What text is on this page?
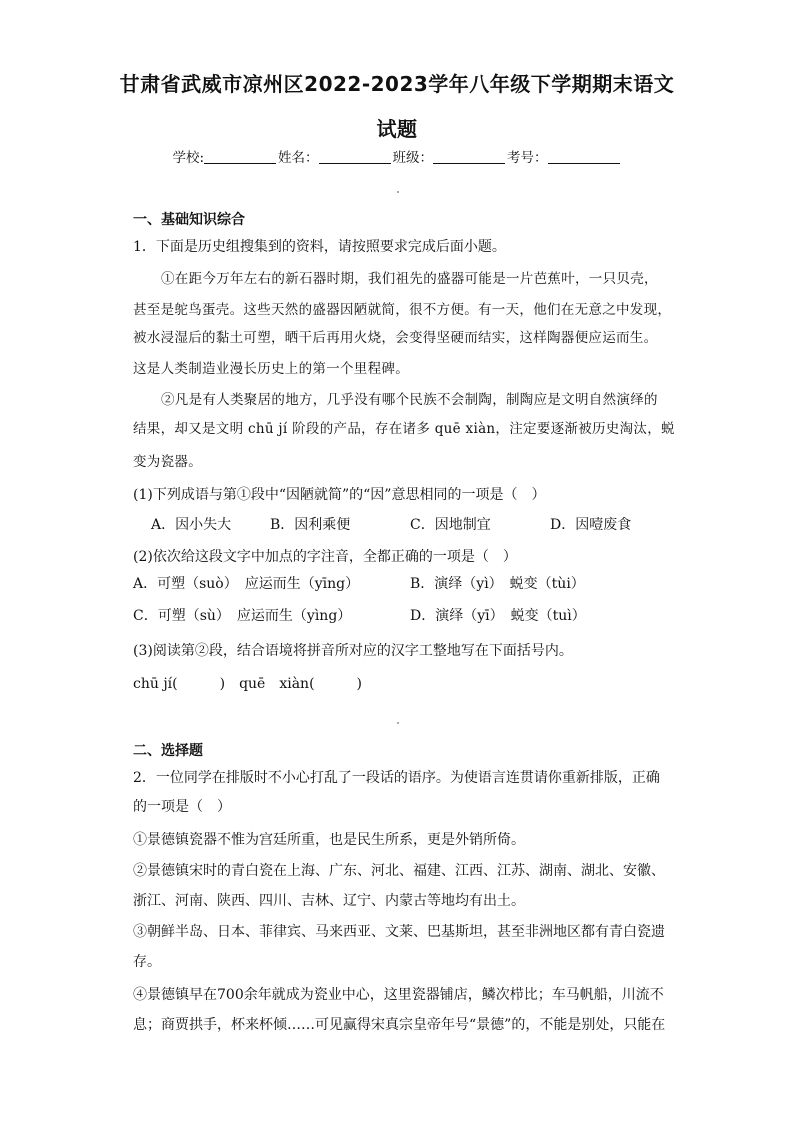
甘肃省武威市凉州区2022-2023学年八年级下学期期末语文
试题
学校:	姓名：	班级：	考号：
一、基础知识综合
1．下面是历史组搜集到的资料，请按照要求完成后面小题。
①在距今万年左右的新石器时期，我们祖先的盛器可能是一片芭蕉叶，一只贝壳，
甚至是鸵鸟蛋壳。这些天然的盛器因陋就简，很不方便。有一天，他们在无意之中发现，
被水浸湿后的黏土可塑，晒干后再用火烧，会变得坚硬而结实，这样陶器便应运而生。
这是人类制造业漫长历史上的第一个里程碑。
②凡是有人类聚居的地方，几乎没有哪个民族不会制陶，制陶应是文明自然演绎的
结果，却又是文明 chū jí 阶段的产品，存在诸多 quē xiàn，注定要逐渐被历史淘汰，蜕
变为瓷器。
(1)下列成语与第①段中“因陋就简”的“因”意思相同的一项是（　）
A．因小失大	B．因利乘便	C．因地制宜	D．因噎废食
(2)依次给这段文字中加点的字注音，全都正确的一项是（　）
A．可塑（suò）　应运而生（yīng）	B．演绎（yì）　蜕变（tùi）
C．可塑（sù）　应运而生（yìng）	D．演绎（yī）　蜕变（tuì）
(3)阅读第②段，结合语境将拼音所对应的汉字工整地写在下面括号内。
chū jí(　　　)　quē　xiàn(　　　)
二、选择题
2．一位同学在排版时不小心打乱了一段话的语序。为使语言连贯请你重新排版，正确
的一项是（　）
①景德镇瓷器不惟为宫廷所重，也是民生所系，更是外销所倚。
②景德镇宋时的青白瓷在上海、广东、河北、福建、江西、江苏、湖南、湖北、安徽、
浙江、河南、陕西、四川、吉林、辽宁、内蒙古等地均有出土。
③朝鲜半岛、日本、菲律宾、马来西亚、文莱、巴基斯坦，甚至非洲地区都有青白瓷遗
存。
④景德镇早在700余年就成为瓷业中心，这里瓷器铺店，鳞次栉比；车马帆船，川流不
息；商贾拱手，杯来杯倾……可见赢得宋真宗皇帝年号“景德”的，不能是别处，只能在
